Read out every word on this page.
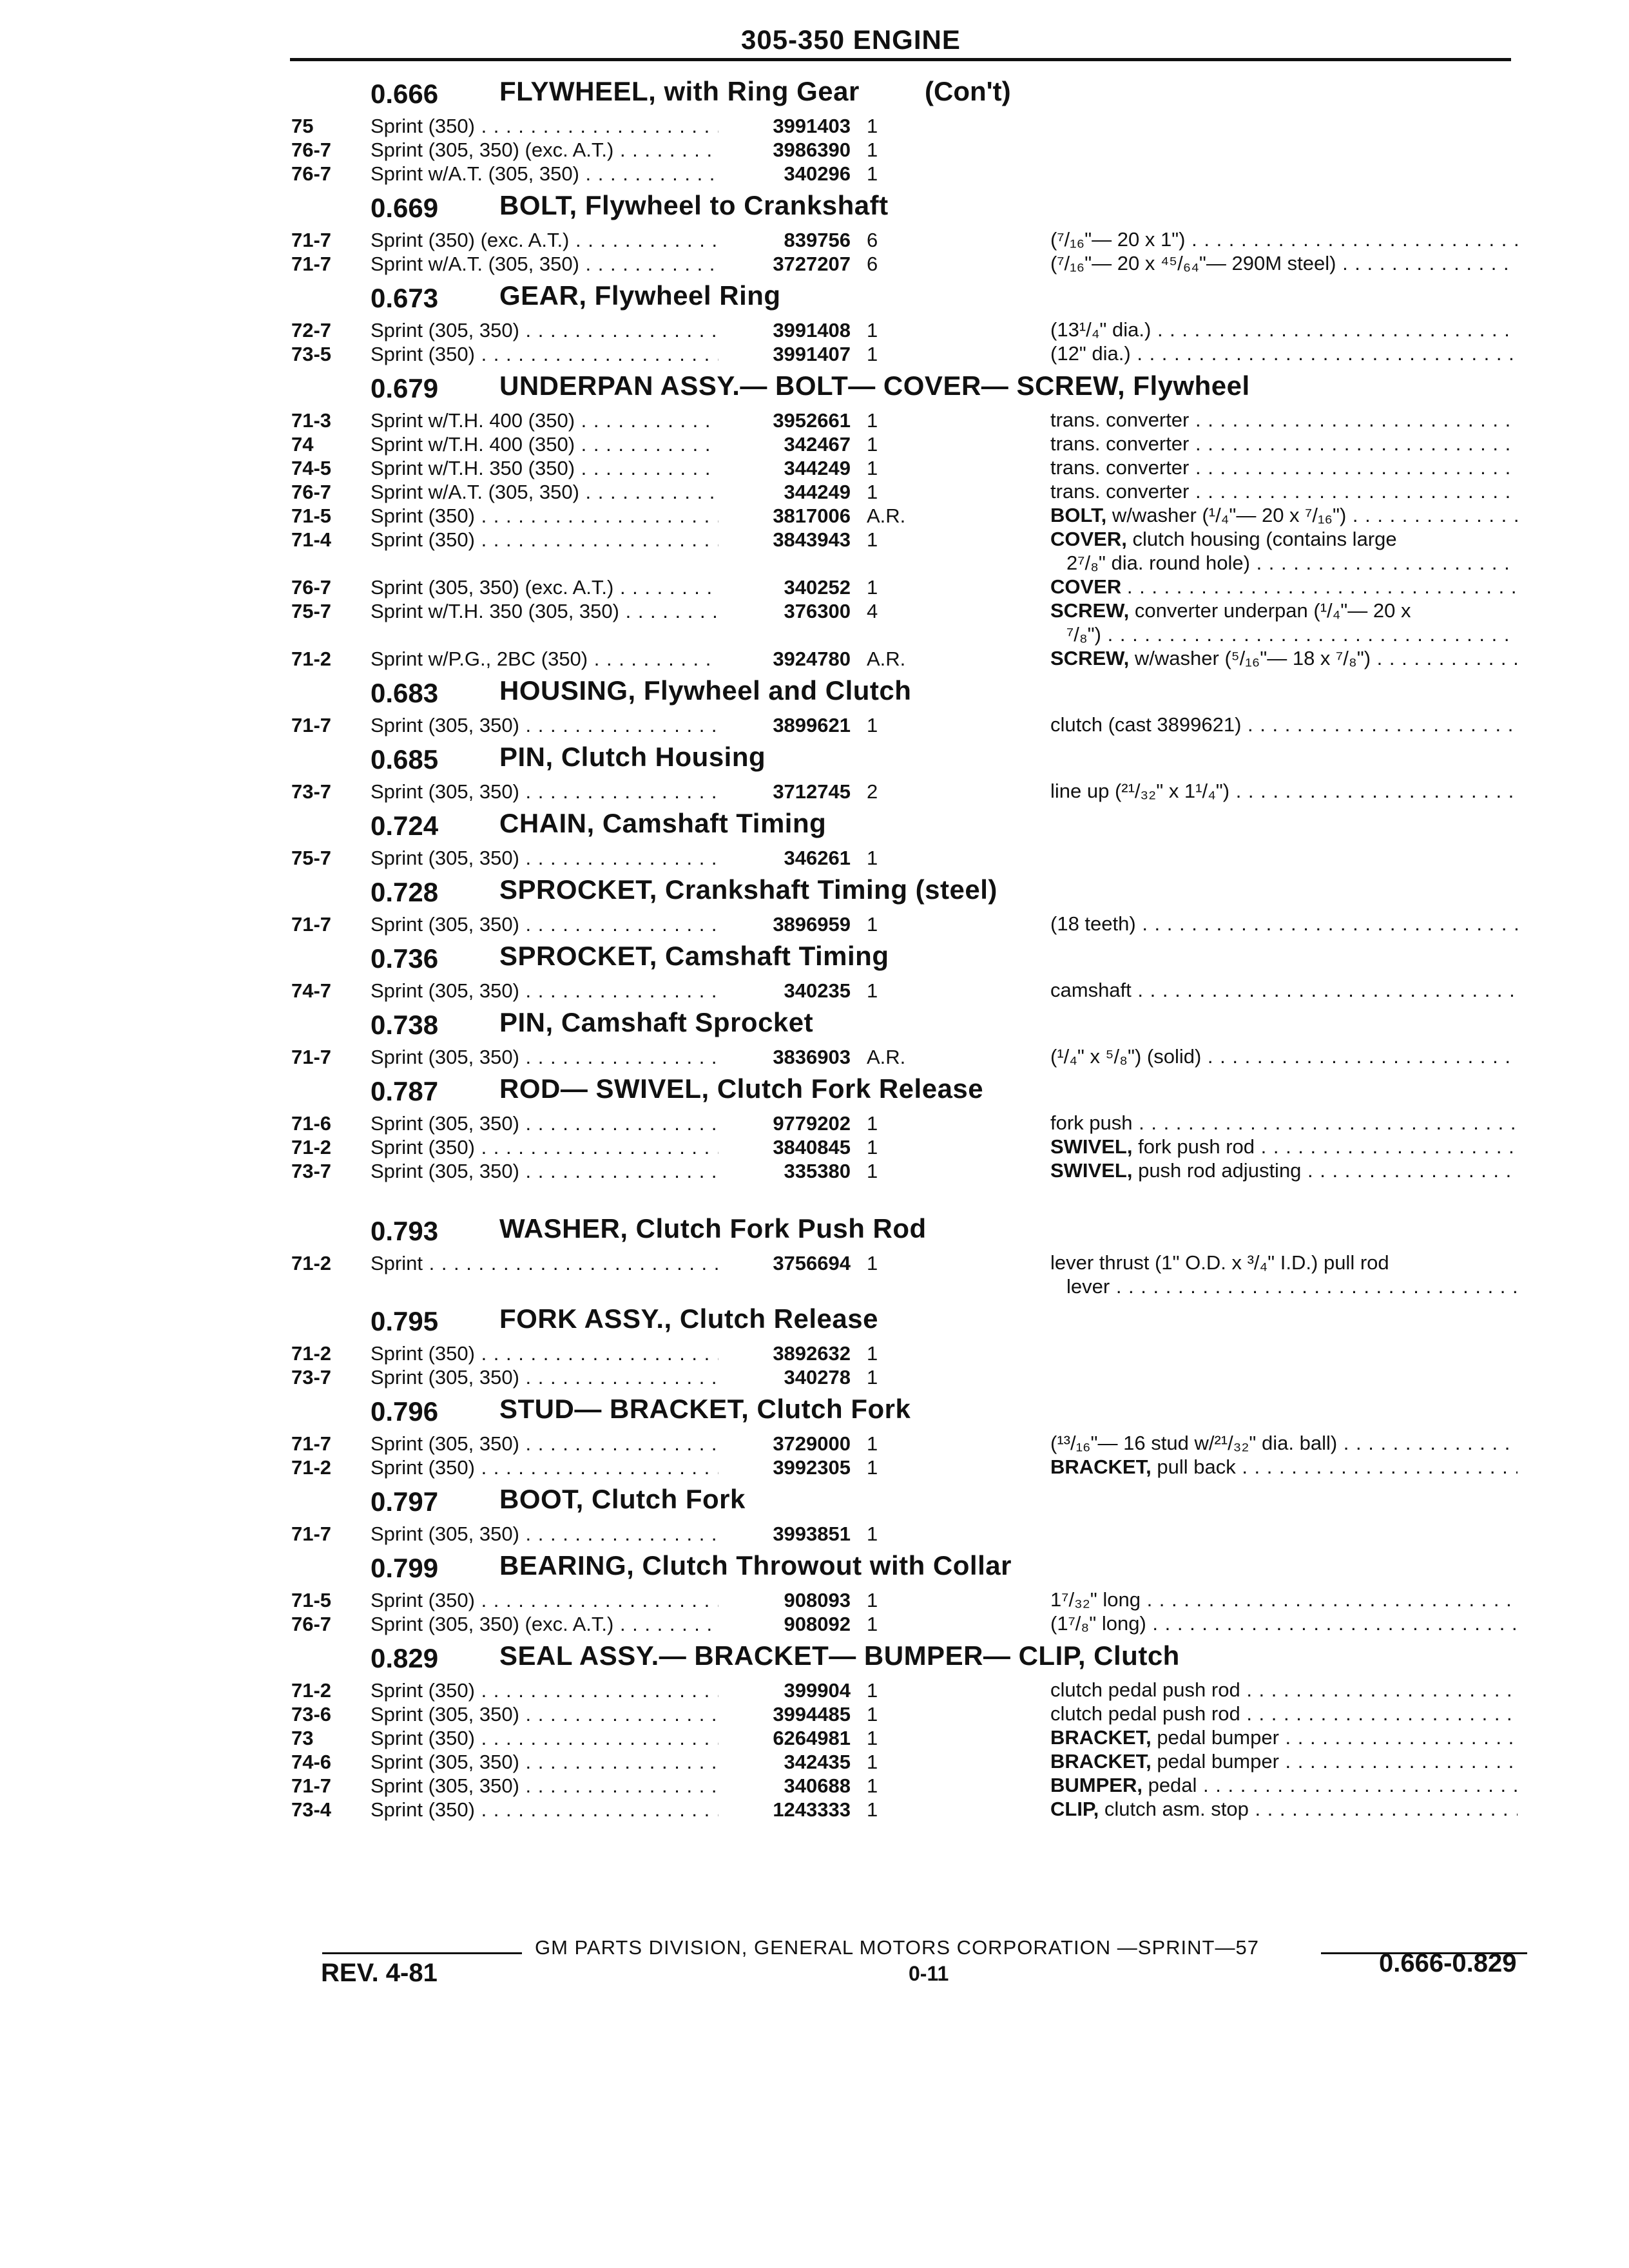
305-350 ENGINE
0.666 FLYWHEEL, with Ring Gear (Con't)
75	Sprint (350) . . .	3991403 1
76-7 Sprint (305, 350) (exc. A.T.) . . .	3986390 1
76-7 Sprint w/A.T. (305, 350) . . .	340296 1
0.669 BOLT, Flywheel to Crankshaft
71-7 Sprint (350) (exc. A.T.) . . .	839756 6	(⁷/₁₆"— 20 x 1") . . .
71-7 Sprint w/A.T. (305, 350) . . .	3727207 6	(⁷/₁₆"— 20 x ⁴⁵/₆₄"— 290M steel) . . .
0.673 GEAR, Flywheel Ring
72-7 Sprint (305, 350) . . .	3991408 1	(13¹/₄" dia.) . . .
73-5 Sprint (350) . . .	3991407 1	(12" dia.) . . .
0.679 UNDERPAN ASSY.— BOLT— COVER— SCREW, Flywheel
71-3 Sprint w/T.H. 400 (350) . . .	3952661 1	trans. converter . . .
74	Sprint w/T.H. 400 (350) . . .	342467 1	trans. converter . . .
74-5 Sprint w/T.H. 350 (350) . . .	344249 1	trans. converter . . .
76-7 Sprint w/A.T. (305, 350) . . .	344249 1	trans. converter . . .
71-5 Sprint (350) . . .	3817006 A.R.	BOLT, w/washer (¹/₄"— 20 x ⁷/₁₆") . . .
71-4 Sprint (350) . . .	3843943 1	COVER, clutch housing (contains large
2⁷/₈" dia. round hole) . . .
76-7 Sprint (305, 350) (exc. A.T.) . . .	340252 1	COVER . . .
75-7 Sprint w/T.H. 350 (305, 350) . . .	376300 4	SCREW, converter underpan (¹/₄"— 20 x
⁷/₈") . . .
71-2 Sprint w/P.G., 2BC (350) . . .	3924780 A.R.	SCREW, w/washer (⁵/₁₆"— 18 x ⁷/₈") . . .
0.683 HOUSING, Flywheel and Clutch
71-7 Sprint (305, 350) . . .	3899621 1	clutch (cast 3899621) . . .
0.685 PIN, Clutch Housing
73-7 Sprint (305, 350) . . .	3712745 2	line up (²¹/₃₂" x 1¹/₄") . . .
0.724 CHAIN, Camshaft Timing
75-7 Sprint (305, 350) . . .	346261 1
0.728 SPROCKET, Crankshaft Timing (steel)
71-7 Sprint (305, 350) . . .	3896959 1	(18 teeth) . . .
0.736 SPROCKET, Camshaft Timing
74-7 Sprint (305, 350) . . .	340235 1	camshaft . . .
0.738 PIN, Camshaft Sprocket
71-7 Sprint (305, 350) . . .	3836903 A.R.	(¹/₄" x ⁵/₈") (solid) . . .
0.787 ROD— SWIVEL, Clutch Fork Release
71-6 Sprint (305, 350) . . .	9779202 1	fork push . . .
71-2 Sprint (350) . . .	3840845 1	SWIVEL, fork push rod . . .
73-7 Sprint (305, 350) . . .	335380 1	SWIVEL, push rod adjusting . . .
0.793 WASHER, Clutch Fork Push Rod
71-2 Sprint . . .	3756694 1	lever thrust (1" O.D. x ³/₄" I.D.) pull rod
lever . . .
0.795 FORK ASSY., Clutch Release
71-2 Sprint (350) . . .	3892632 1
73-7 Sprint (305, 350) . . .	340278 1
0.796 STUD— BRACKET, Clutch Fork
71-7 Sprint (305, 350) . . .	3729000 1	(¹³/₁₆"— 16 stud w/²¹/₃₂" dia. ball) . . .
71-2 Sprint (350) . . .	3992305 1	BRACKET, pull back . . .
0.797 BOOT, Clutch Fork
71-7 Sprint (305, 350) . . .	3993851 1
0.799 BEARING, Clutch Throwout with Collar
71-5 Sprint (350) . . .	908093 1	1⁷/₃₂" long . . .
76-7 Sprint (305, 350) (exc. A.T.) . . .	908092 1	(1⁷/₈" long) . . .
0.829 SEAL ASSY.— BRACKET— BUMPER— CLIP, Clutch
71-2 Sprint (350) . . .	399904 1	clutch pedal push rod . . .
73-6 Sprint (305, 350) . . .	3994485 1	clutch pedal push rod . . .
73	Sprint (350) . . .	6264981 1	BRACKET, pedal bumper . . .
74-6 Sprint (305, 350) . . .	342435 1	BRACKET, pedal bumper . . .
71-7 Sprint (305, 350) . . .	340688 1	BUMPER, pedal . . .
73-4 Sprint (350) . . .	1243333 1	CLIP, clutch asm. stop . . .
GM PARTS DIVISION, GENERAL MOTORS CORPORATION —SPRINT—57
REV. 4-81	0-11	0.666-0.829
